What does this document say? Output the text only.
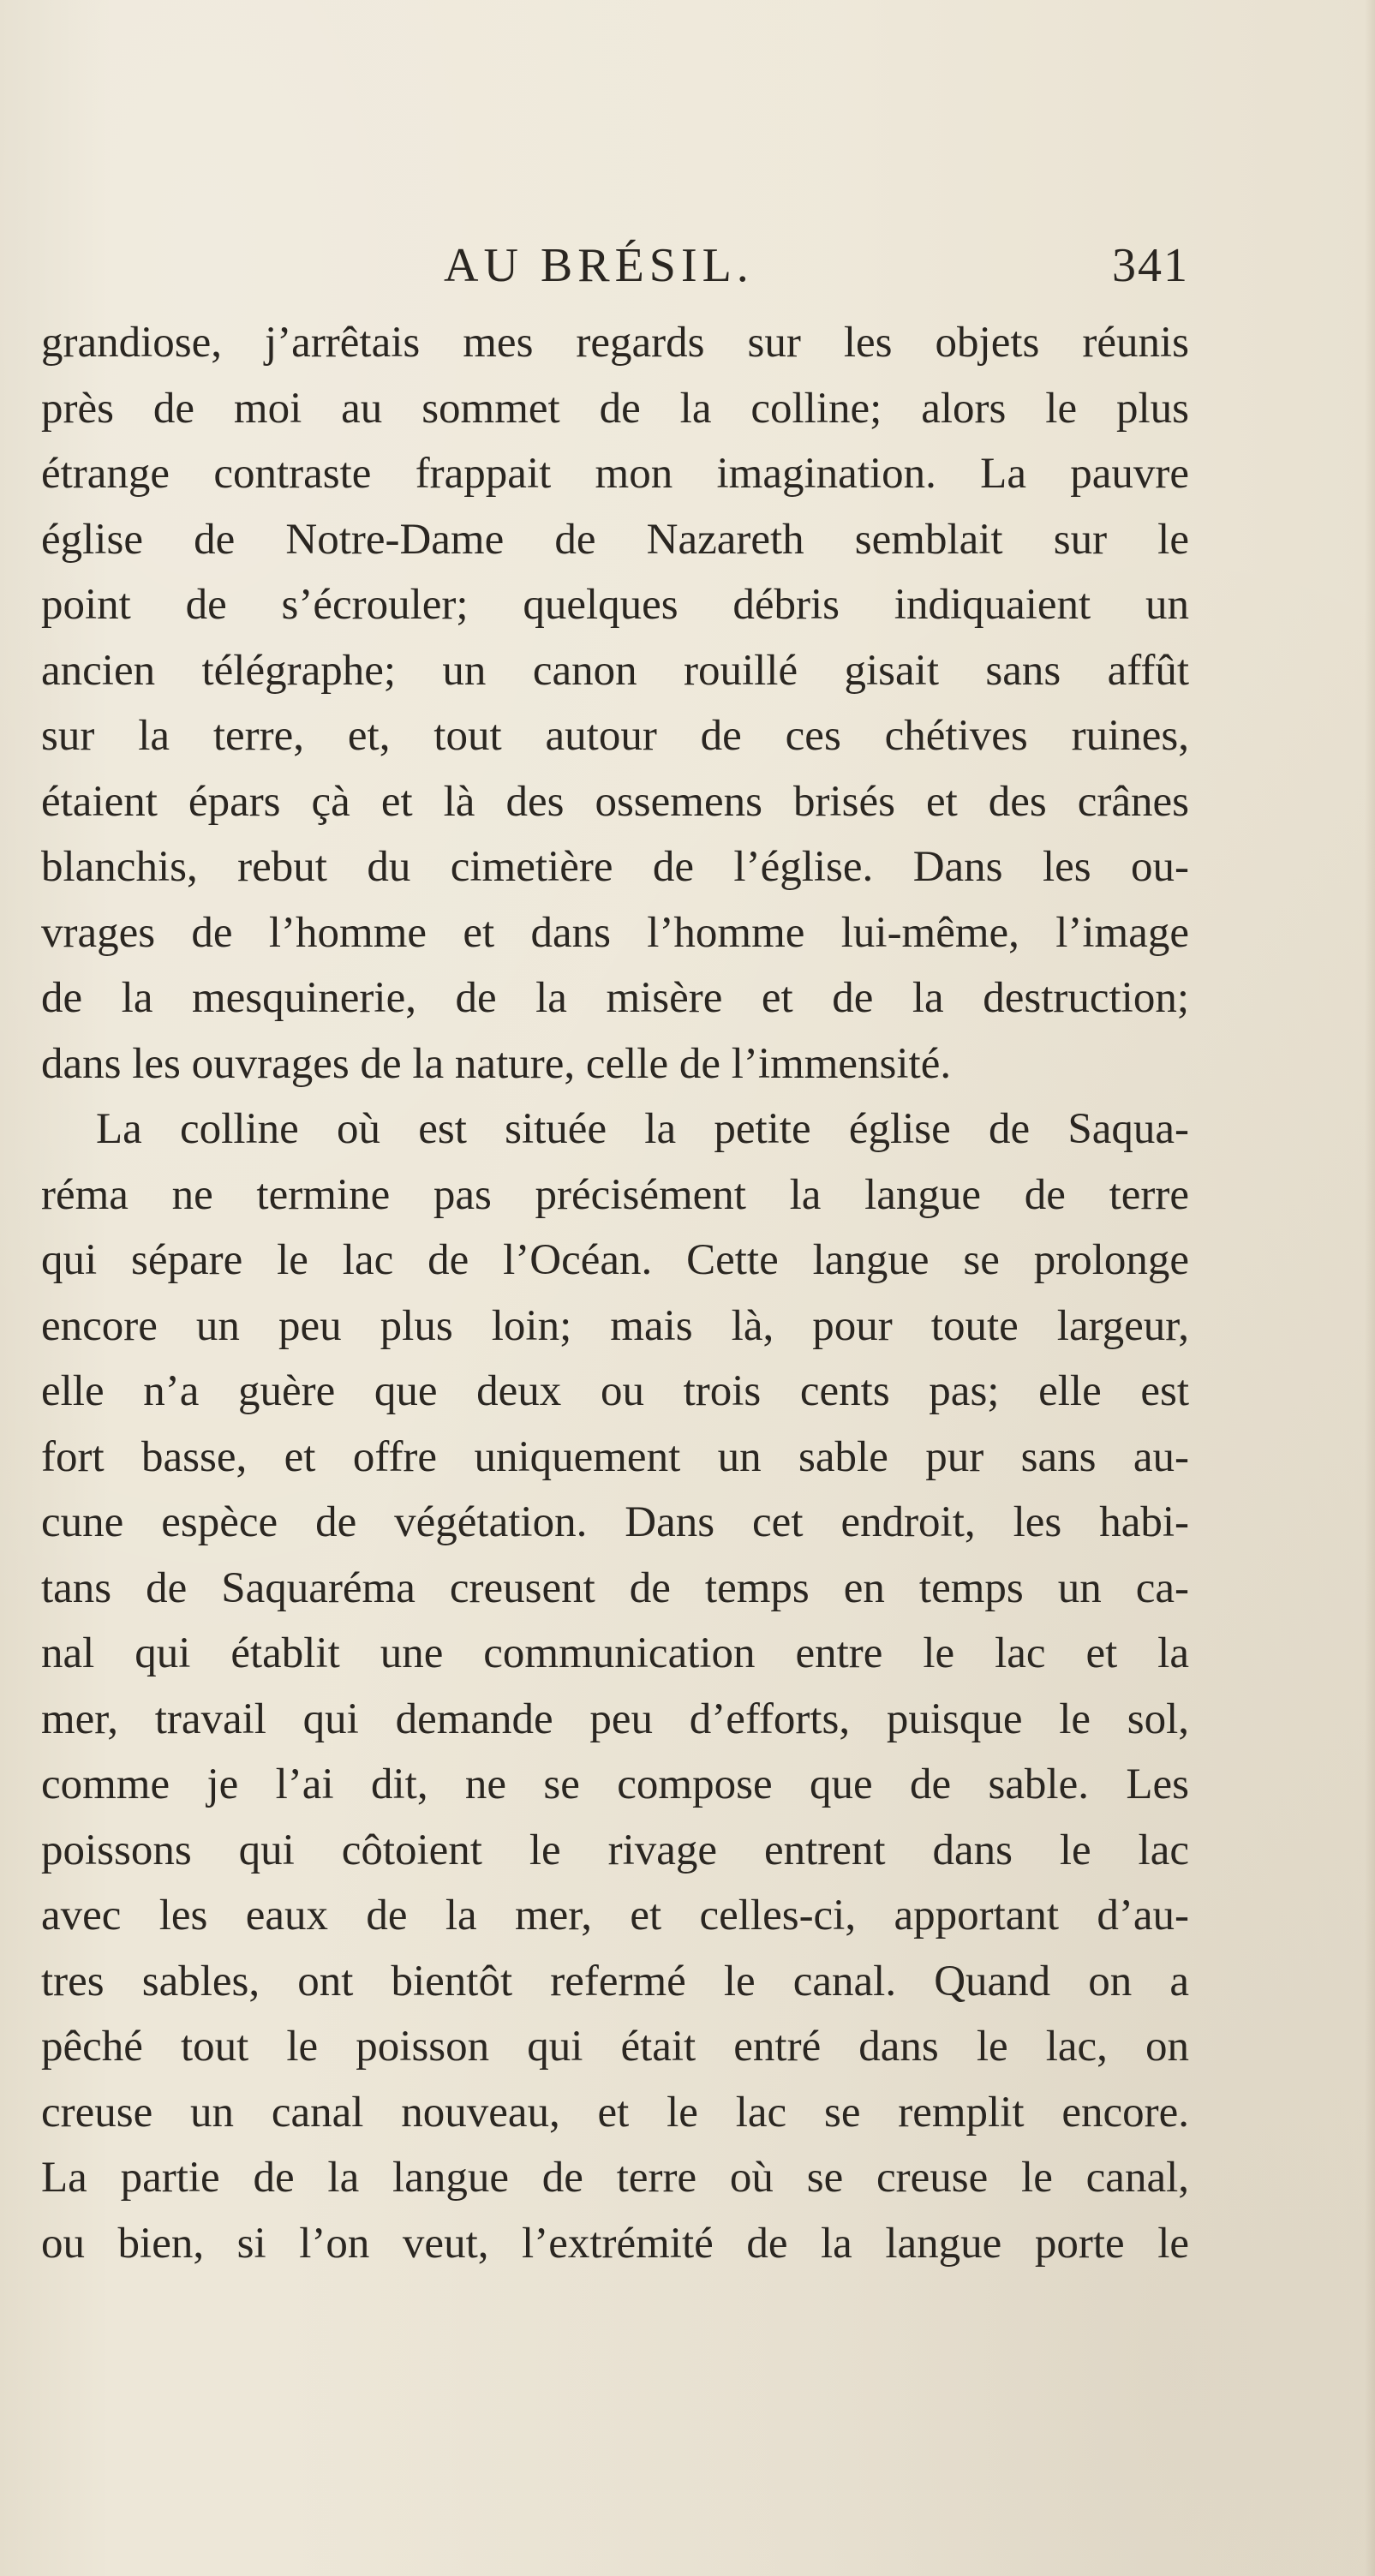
AU BRÉSIL.	341
grandiose, j’arrêtais mes regards sur les objets réunis
près de moi au sommet de la colline; alors le plus
étrange contraste frappait mon imagination. La pauvre
église de Notre-Dame de Nazareth semblait sur le
point de s’écrouler; quelques débris indiquaient un
ancien télégraphe; un canon rouillé gisait sans affût
sur la terre, et, tout autour de ces chétives ruines,
étaient épars çà et là des ossemens brisés et des crânes
blanchis, rebut du cimetière de l’église. Dans les ou-
vrages de l’homme et dans l’homme lui-même, l’image
de la mesquinerie, de la misère et de la destruction;
dans les ouvrages de la nature, celle de l’immensité.
La colline où est située la petite église de Saqua-
réma ne termine pas précisément la langue de terre
qui sépare le lac de l’Océan. Cette langue se prolonge
encore un peu plus loin; mais là, pour toute largeur,
elle n’a guère que deux ou trois cents pas; elle est
fort basse, et offre uniquement un sable pur sans au-
cune espèce de végétation. Dans cet endroit, les habi-
tans de Saquaréma creusent de temps en temps un ca-
nal qui établit une communication entre le lac et la
mer, travail qui demande peu d’efforts, puisque le sol,
comme je l’ai dit, ne se compose que de sable. Les
poissons qui côtoient le rivage entrent dans le lac
avec les eaux de la mer, et celles-ci, apportant d’au-
tres sables, ont bientôt refermé le canal. Quand on a
pêché tout le poisson qui était entré dans le lac, on
creuse un canal nouveau, et le lac se remplit encore.
La partie de la langue de terre où se creuse le canal,
ou bien, si l’on veut, l’extrémité de la langue porte le
